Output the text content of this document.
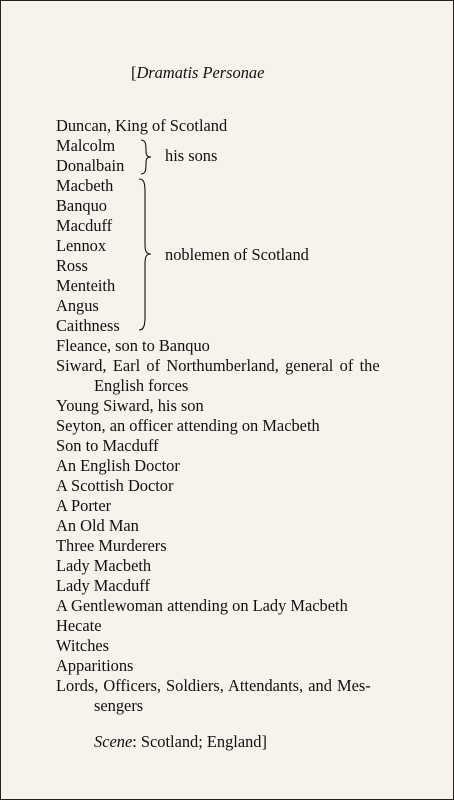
[Dramatis Personae
Duncan, King of Scotland
Malcolm
Donalbain
his sons
Macbeth
Banquo
Macduff
Lennox
Ross
Menteith
Angus
Caithness
noblemen of Scotland
Fleance, son to Banquo
Siward, Earl of Northumberland, general of the
English forces
Young Siward, his son
Seyton, an officer attending on Macbeth
Son to Macduff
An English Doctor
A Scottish Doctor
A Porter
An Old Man
Three Murderers
Lady Macbeth
Lady Macduff
A Gentlewoman attending on Lady Macbeth
Hecate
Witches
Apparitions
Lords, Officers, Soldiers, Attendants, and Mes-
sengers
Scene: Scotland; England]
